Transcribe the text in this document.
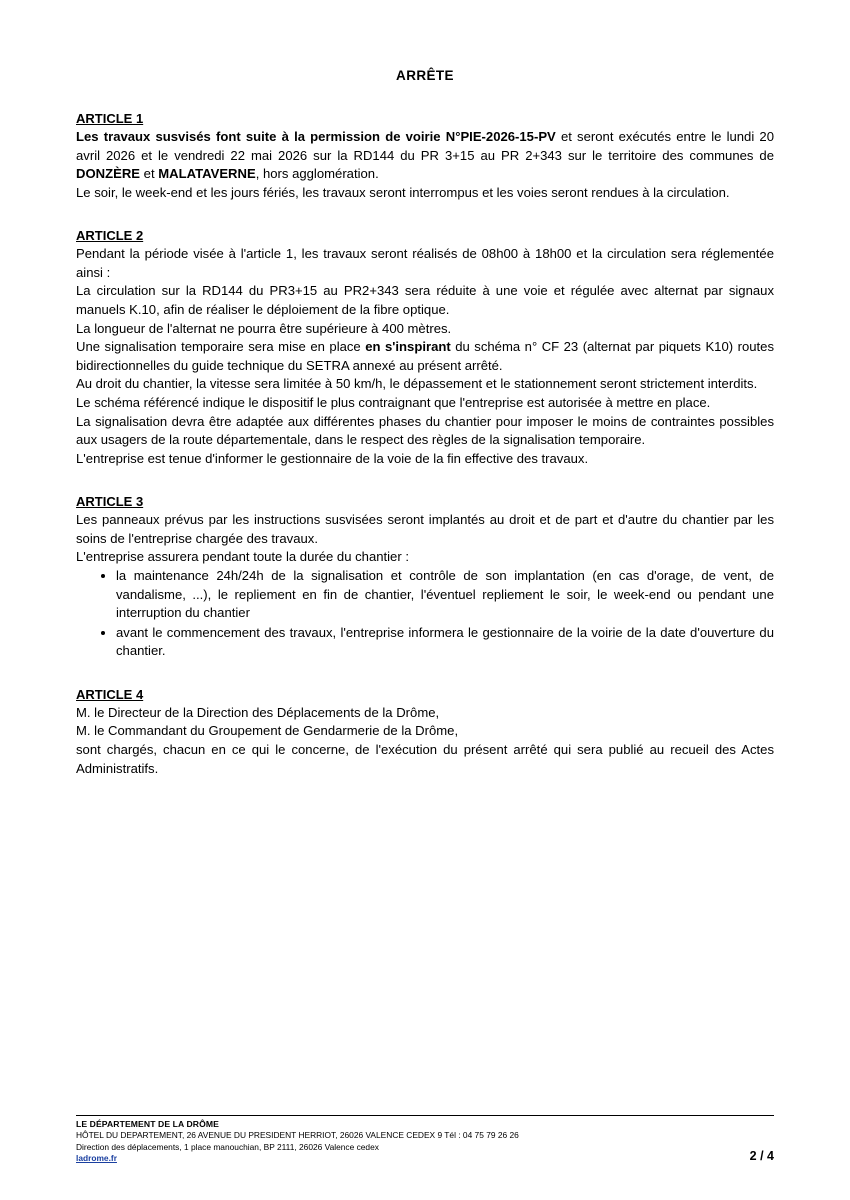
ARRÊTE
ARTICLE 1

Les travaux susvisés font suite à la permission de voirie N°PIE-2026-15-PV et seront exécutés entre le lundi 20 avril 2026 et le vendredi 22 mai 2026 sur la RD144 du PR 3+15 au PR 2+343 sur le territoire des communes de DONZÈRE et MALATAVERNE, hors agglomération.

Le soir, le week-end et les jours fériés, les travaux seront interrompus et les voies seront rendues à la circulation.

ARTICLE 2

Pendant la période visée à l'article 1, les travaux seront réalisés de 08h00 à 18h00 et la circulation sera réglementée ainsi :

La circulation sur la RD144 du PR3+15 au PR2+343 sera réduite à une voie et régulée avec alternat par signaux manuels K.10, afin de réaliser le déploiement de la fibre optique.

La longueur de l'alternat ne pourra être supérieure à 400 mètres.

Une signalisation temporaire sera mise en place en s'inspirant du schéma n° CF 23 (alternat par piquets K10) routes bidirectionnelles du guide technique du SETRA annexé au présent arrêté.

Au droit du chantier, la vitesse sera limitée à 50 km/h, le dépassement et le stationnement seront strictement interdits.

Le schéma référencé indique le dispositif le plus contraignant que l'entreprise est autorisée à mettre en place.

La signalisation devra être adaptée aux différentes phases du chantier pour imposer le moins de contraintes possibles aux usagers de la route départementale, dans le respect des règles de la signalisation temporaire.

L'entreprise est tenue d'informer le gestionnaire de la voie de la fin effective des travaux.

ARTICLE 3

Les panneaux prévus par les instructions susvisées seront implantés au droit et de part et d'autre du chantier par les soins de l'entreprise chargée des travaux.

L'entreprise assurera pendant toute la durée du chantier :

• la maintenance 24h/24h de la signalisation et contrôle de son implantation (en cas d'orage, de vent, de vandalisme, ...), le repliement en fin de chantier, l'éventuel repliement le soir, le week-end ou pendant une interruption du chantier
• avant le commencement des travaux, l'entreprise informera le gestionnaire de la voirie de la date d'ouverture du chantier.
ARTICLE 4

M. le Directeur de la Direction des Déplacements de la Drôme,

M. le Commandant du Groupement de Gendarmerie de la Drôme,

sont chargés, chacun en ce qui le concerne, de l'exécution du présent arrêté qui sera publié au recueil des Actes Administratifs.

LE DÉPARTEMENT DE LA DRÔME
HÔTEL DU DEPARTEMENT, 26 AVENUE DU PRESIDENT HERRIOT, 26026 VALENCE CEDEX 9 Tél : 04 75 79 26 26
Direction des déplacements, 1 place manouchian, BP 2111, 26026 Valence cedex
ladrome.fr	2 / 4
